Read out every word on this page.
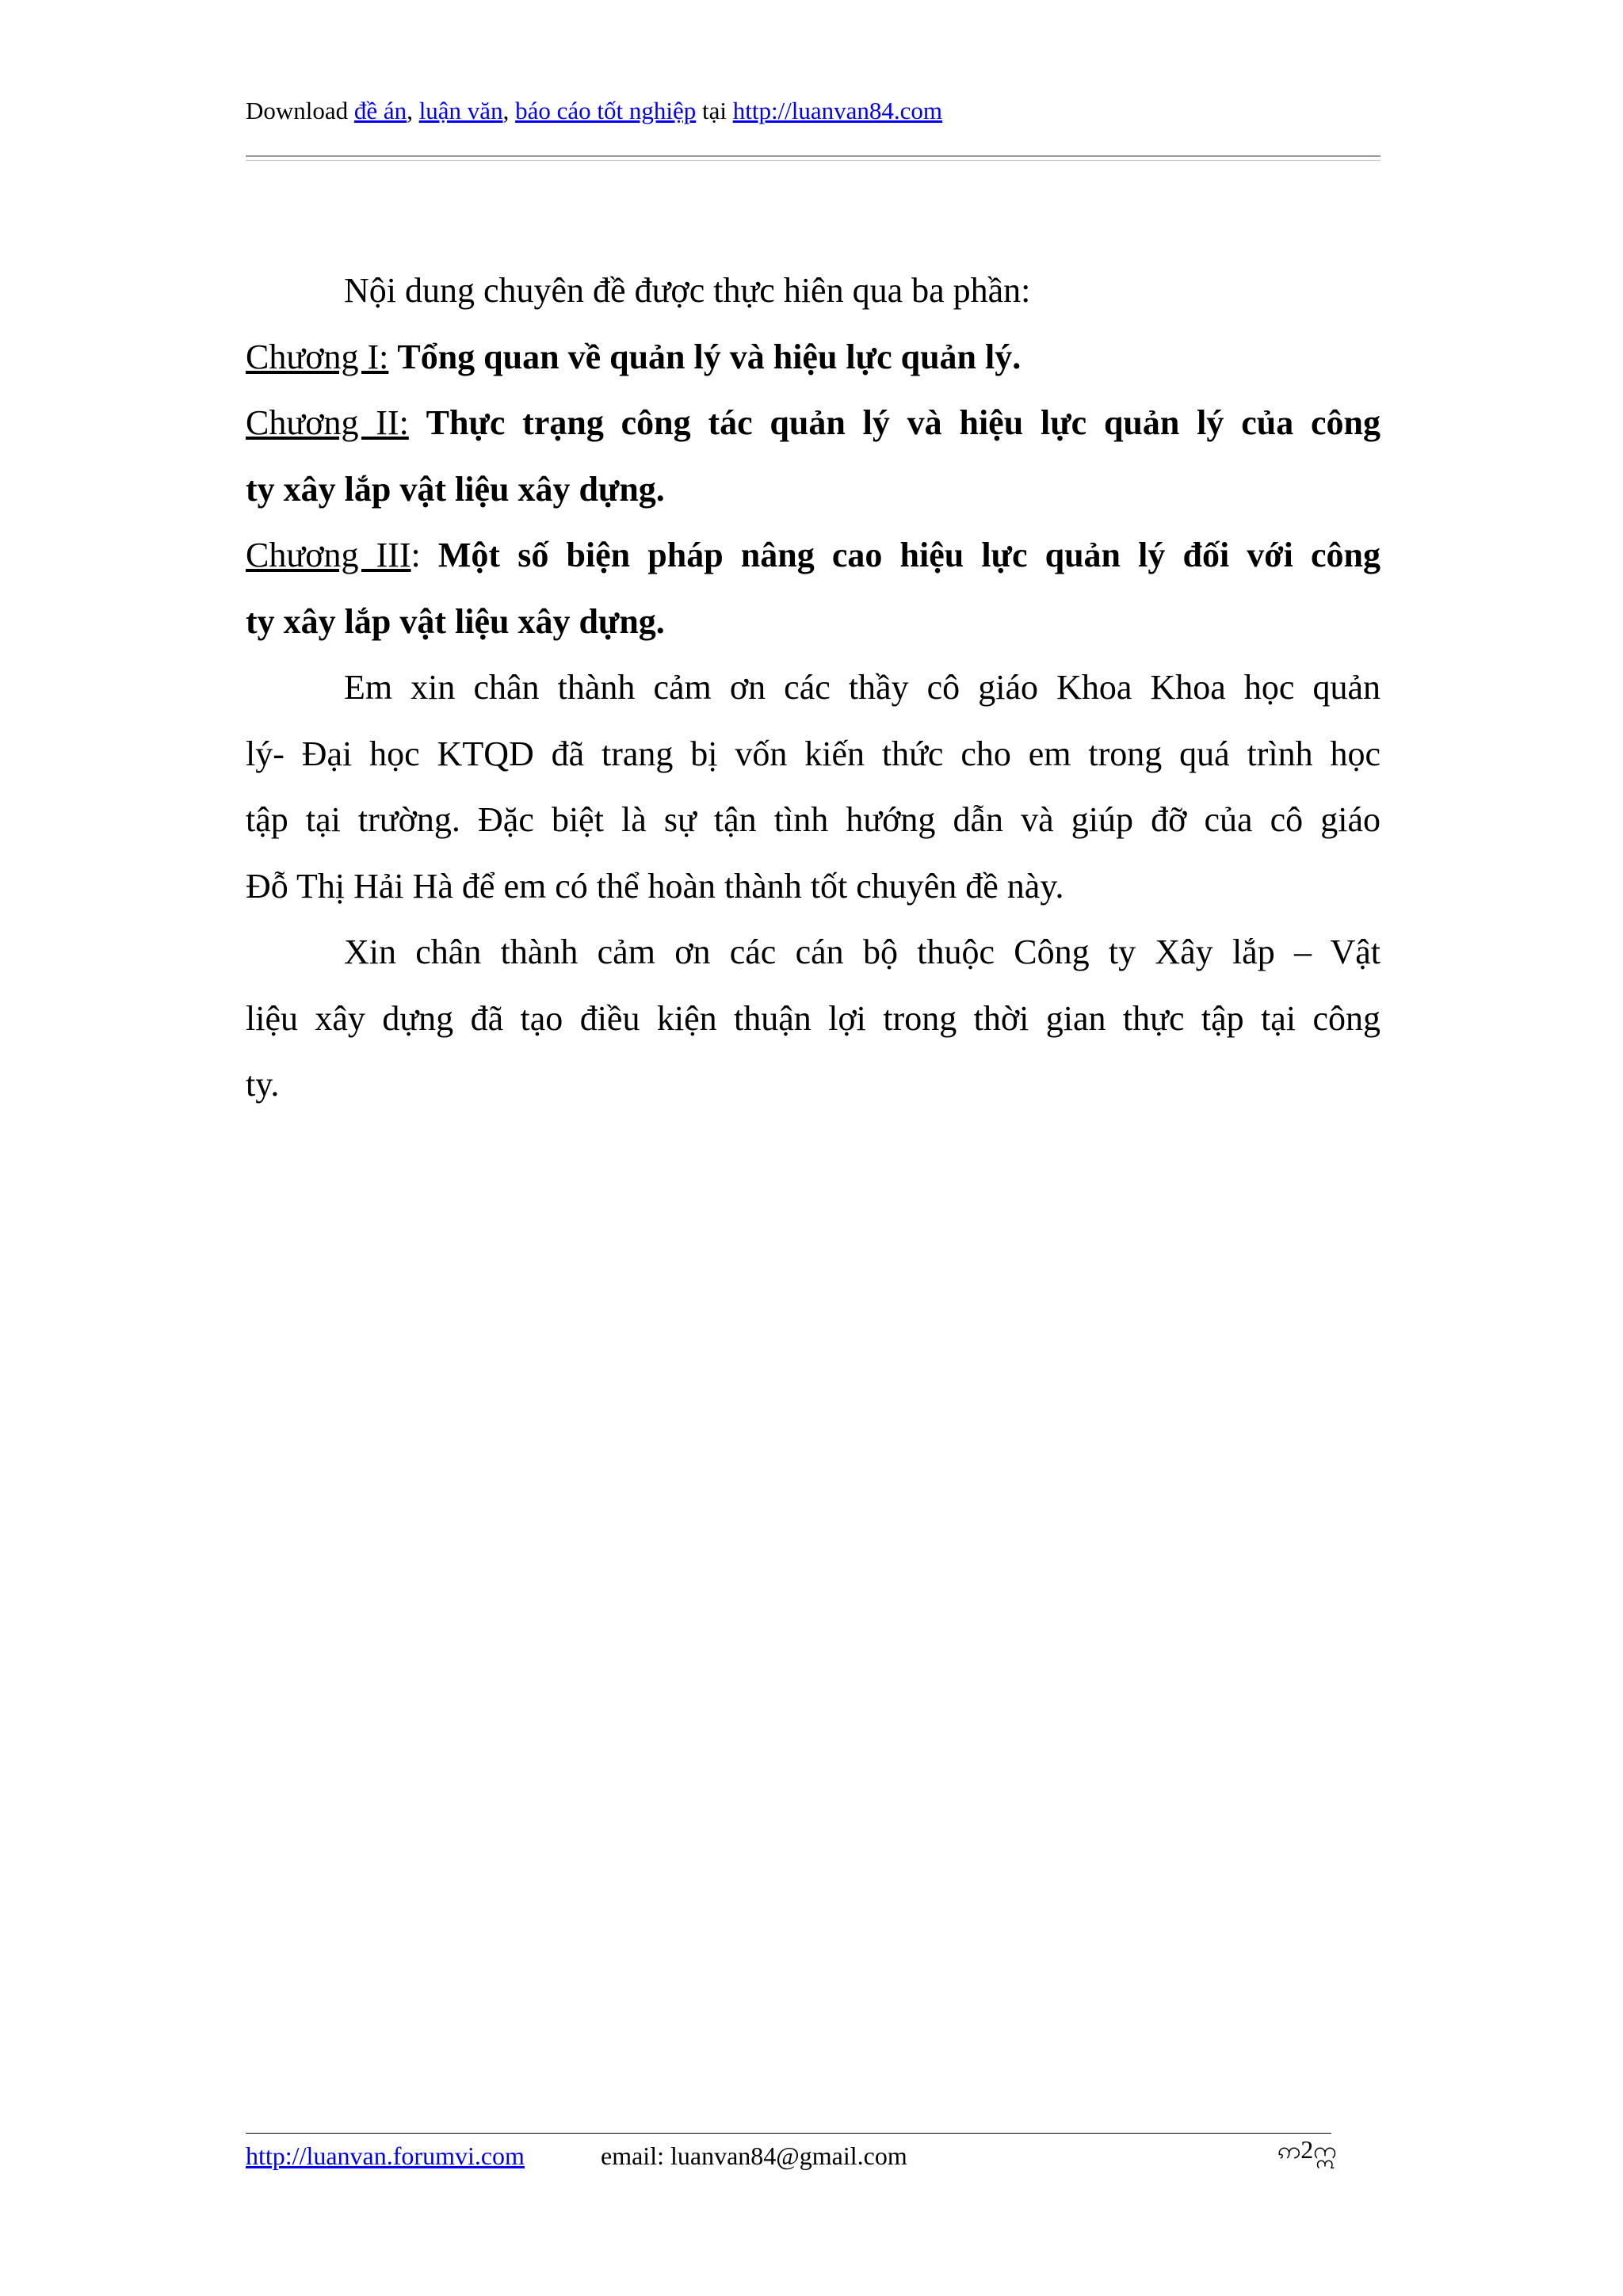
Download đề án, luận văn, báo cáo tốt nghiệp tại http://luanvan84.com
Nội dung chuyên đề được thực hiên qua ba phần:
Chương I: Tổng quan về quản lý và hiệu lực quản lý.
Chương II: Thực trạng công tác quản lý và hiệu lực quản lý của công
ty xây lắp vật liệu xây dựng.
Chương III: Một số biện pháp nâng cao hiệu lực quản lý đối với công
ty xây lắp vật liệu xây dựng.
Em xin chân thành cảm ơn các thầy cô giáo Khoa Khoa học quản
lý- Đại học KTQD đã trang bị vốn kiến thức cho em trong quá trình học
tập tại trường. Đặc biệt là sự tận tình hướng dẫn và giúp đỡ của cô giáo
Đỗ Thị Hải Hà để em có thể hoàn thành tốt chuyên đề này.
Xin chân thành cảm ơn các cán bộ thuộc Công ty Xây lắp – Vật
liệu xây dựng đã tạo điều kiện thuận lợi trong thời gian thực tập tại công
ty.
http://luanvan.forumvi.com	email: luanvan84@gmail.com	ဢ2ဣ
